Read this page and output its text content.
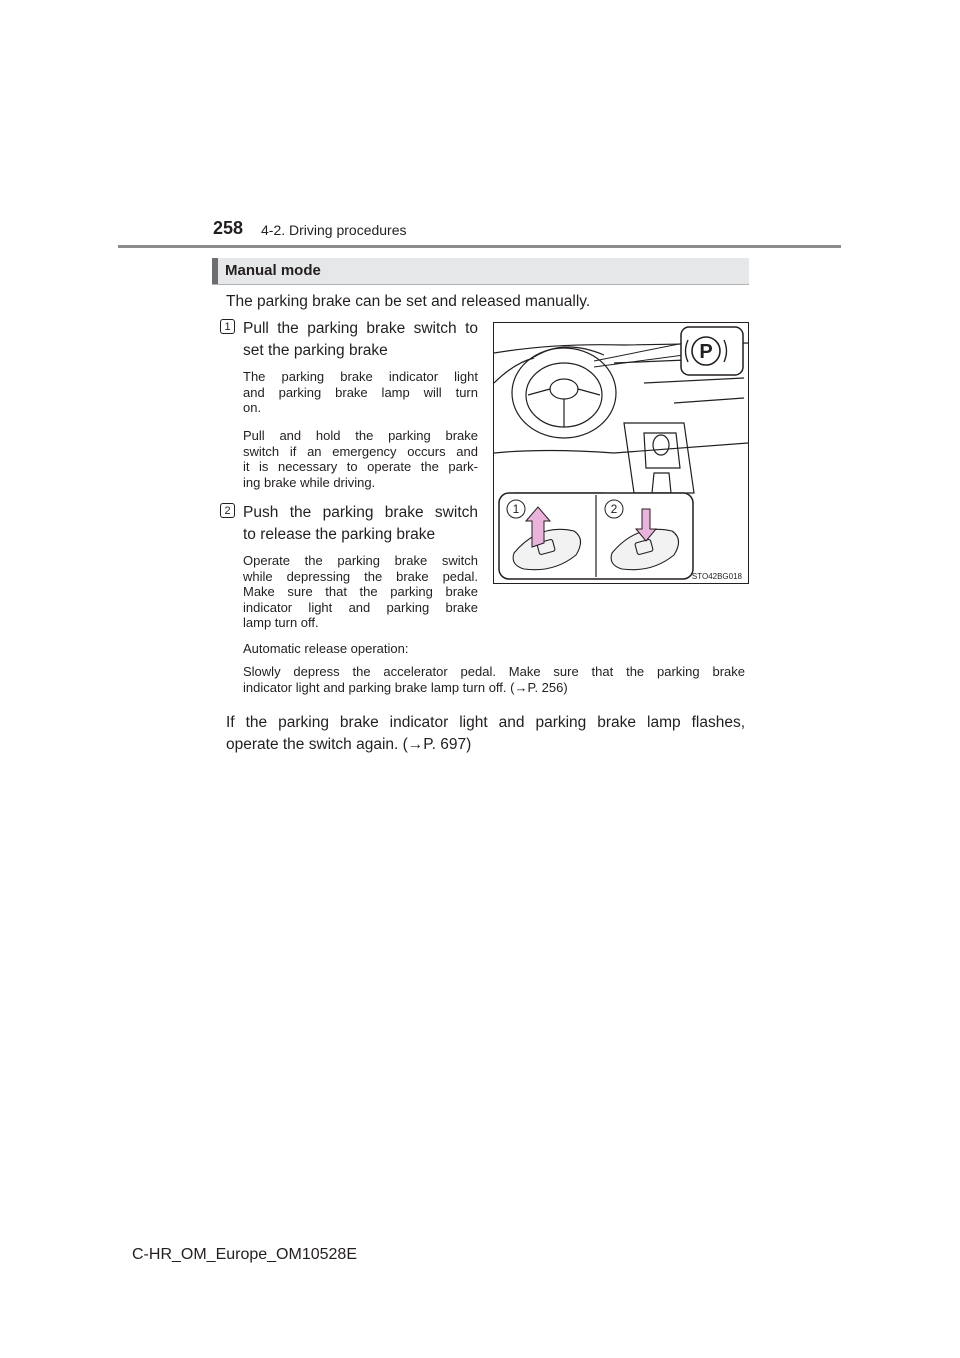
258 4-2. Driving procedures
Manual mode
The parking brake can be set and released manually.
1 Pull the parking brake switch to
set the parking brake
The parking brake indicator light
and parking brake lamp will turn
on.
Pull and hold the parking brake
switch if an emergency occurs and
it is necessary to operate the park-
ing brake while driving.
2 Push the parking brake switch
to release the parking brake
Operate the parking brake switch
while depressing the brake pedal.
Make sure that the parking brake
indicator light and parking brake
lamp turn off.
Automatic release operation:
Slowly depress the accelerator pedal. Make sure that the parking brake
indicator light and parking brake lamp turn off. (→P. 256)
If the parking brake indicator light and parking brake lamp flashes,
operate the switch again. (→P. 697)
P
1	2
STO42BG018
C-HR_OM_Europe_OM10528E
